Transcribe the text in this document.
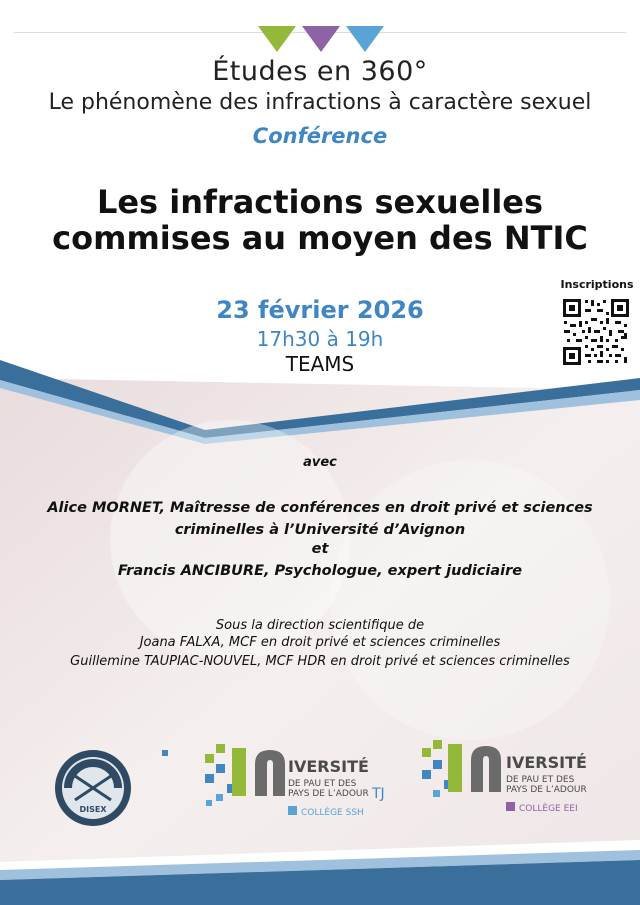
Études en 360°
Le phénomène des infractions à caractère sexuel
Conférence
Les infractions sexuelles
commises au moyen des NTIC
23 février 2026
17h30 à 19h
TEAMS
Inscriptions
avec
Alice MORNET, Maîtresse de conférences en droit privé et sciences
criminelles à l’Université d’Avignon
et
Francis ANCIBURE, Psychologue, expert judiciaire
Sous la direction scientifique de
Joana FALXA, MCF en droit privé et sciences criminelles
Guillemine TAUPIAC-NOUVEL, MCF HDR en droit privé et sciences criminelles
DISEX
IVERSITÉ
DE PAU ET DES
PAYS DE L’ADOUR TJ
COLLÈGE SSH
IVERSITÉ
DE PAU ET DES
PAYS DE L’ADOUR
COLLÈGE EEI
